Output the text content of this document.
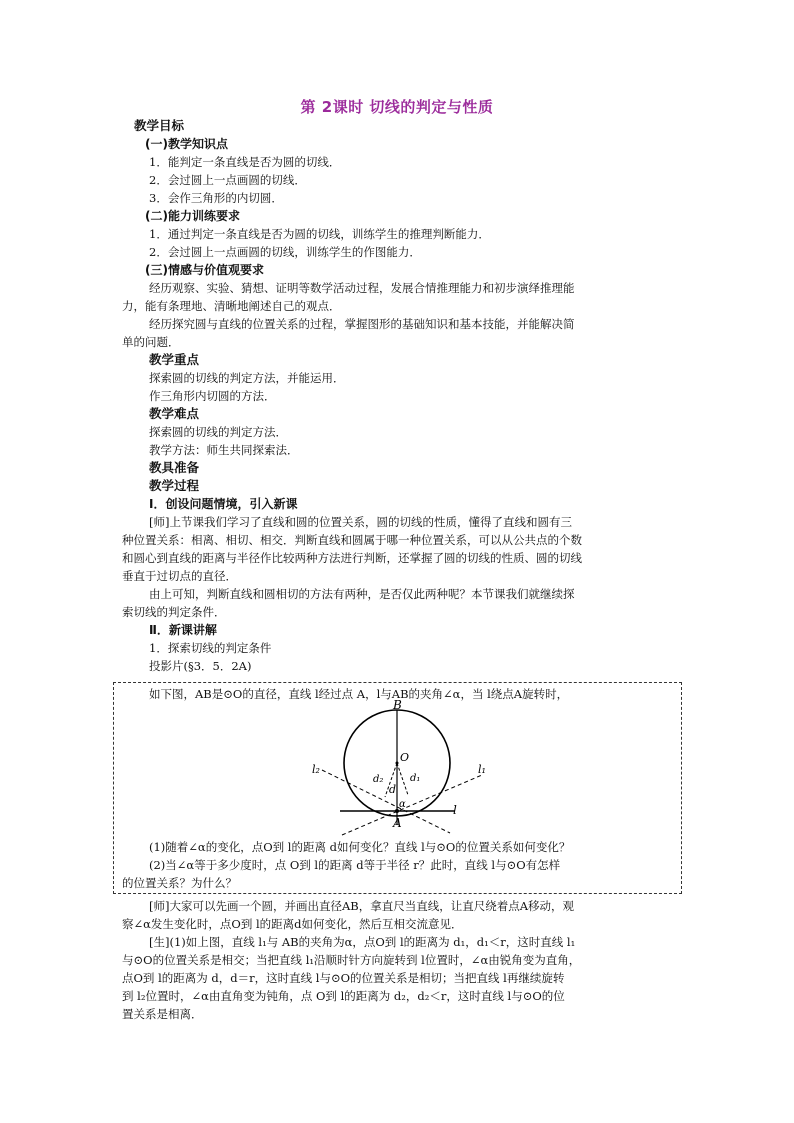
第 2课时 切线的判定与性质
教学目标
(一)教学知识点
1．能判定一条直线是否为圆的切线．
2．会过圆上一点画圆的切线．
3．会作三角形的内切圆．
(二)能力训练要求
1．通过判定一条直线是否为圆的切线，训练学生的推理判断能力．
2．会过圆上一点画圆的切线，训练学生的作图能力．
(三)情感与价值观要求
经历观察、实验、猜想、证明等数学活动过程，发展合情推理能力和初步演绎推理能
力，能有条理地、清晰地阐述自己的观点．
经历探究圆与直线的位置关系的过程，掌握图形的基础知识和基本技能，并能解决简
单的问题．
教学重点
探索圆的切线的判定方法，并能运用．
作三角形内切圆的方法．
教学难点
探索圆的切线的判定方法．
教学方法：师生共同探索法．
教具准备
教学过程
Ⅰ．创设问题情境，引入新课
[师]上节课我们学习了直线和圆的位置关系，圆的切线的性质，懂得了直线和圆有三
种位置关系：相离、相切、相交．判断直线和圆属于哪一种位置关系，可以从公共点的个数
和圆心到直线的距离与半径作比较两种方法进行判断，还掌握了圆的切线的性质、圆的切线
垂直于过切点的直径．
由上可知，判断直线和圆相切的方法有两种，是否仅此两种呢？本节课我们就继续探
索切线的判定条件．
Ⅱ．新课讲解
1．探索切线的判定条件
投影片(§3．5．2A)
如下图，AB是⊙O的直径，直线 l经过点 A，l与AB的夹角∠α，当 l绕点A旋转时，
B
O
A
l
l₁
l₂
d
d₁
d₂
α
(1)随着∠α的变化，点O到 l的距离 d如何变化？直线 l与⊙O的位置关系如何变化？
(2)当∠α等于多少度时，点 O到 l的距离 d等于半径 r？此时，直线 l与⊙O有怎样
的位置关系？为什么？
[师]大家可以先画一个圆，并画出直径AB，拿直尺当直线，让直尺绕着点A移动，观
察∠α发生变化时，点O到 l的距离d如何变化，然后互相交流意见．
[生](1)如上图，直线 l₁与 AB的夹角为α，点O到 l的距离为 d₁，d₁＜r，这时直线 l₁
与⊙O的位置关系是相交；当把直线 l₁沿顺时针方向旋转到 l位置时，∠α由锐角变为直角，
点O到 l的距离为 d，d＝r，这时直线 l与⊙O的位置关系是相切；当把直线 l再继续旋转
到 l₂位置时，∠α由直角变为钝角，点 O到 l的距离为 d₂，d₂＜r，这时直线 l与⊙O的位
置关系是相离．
